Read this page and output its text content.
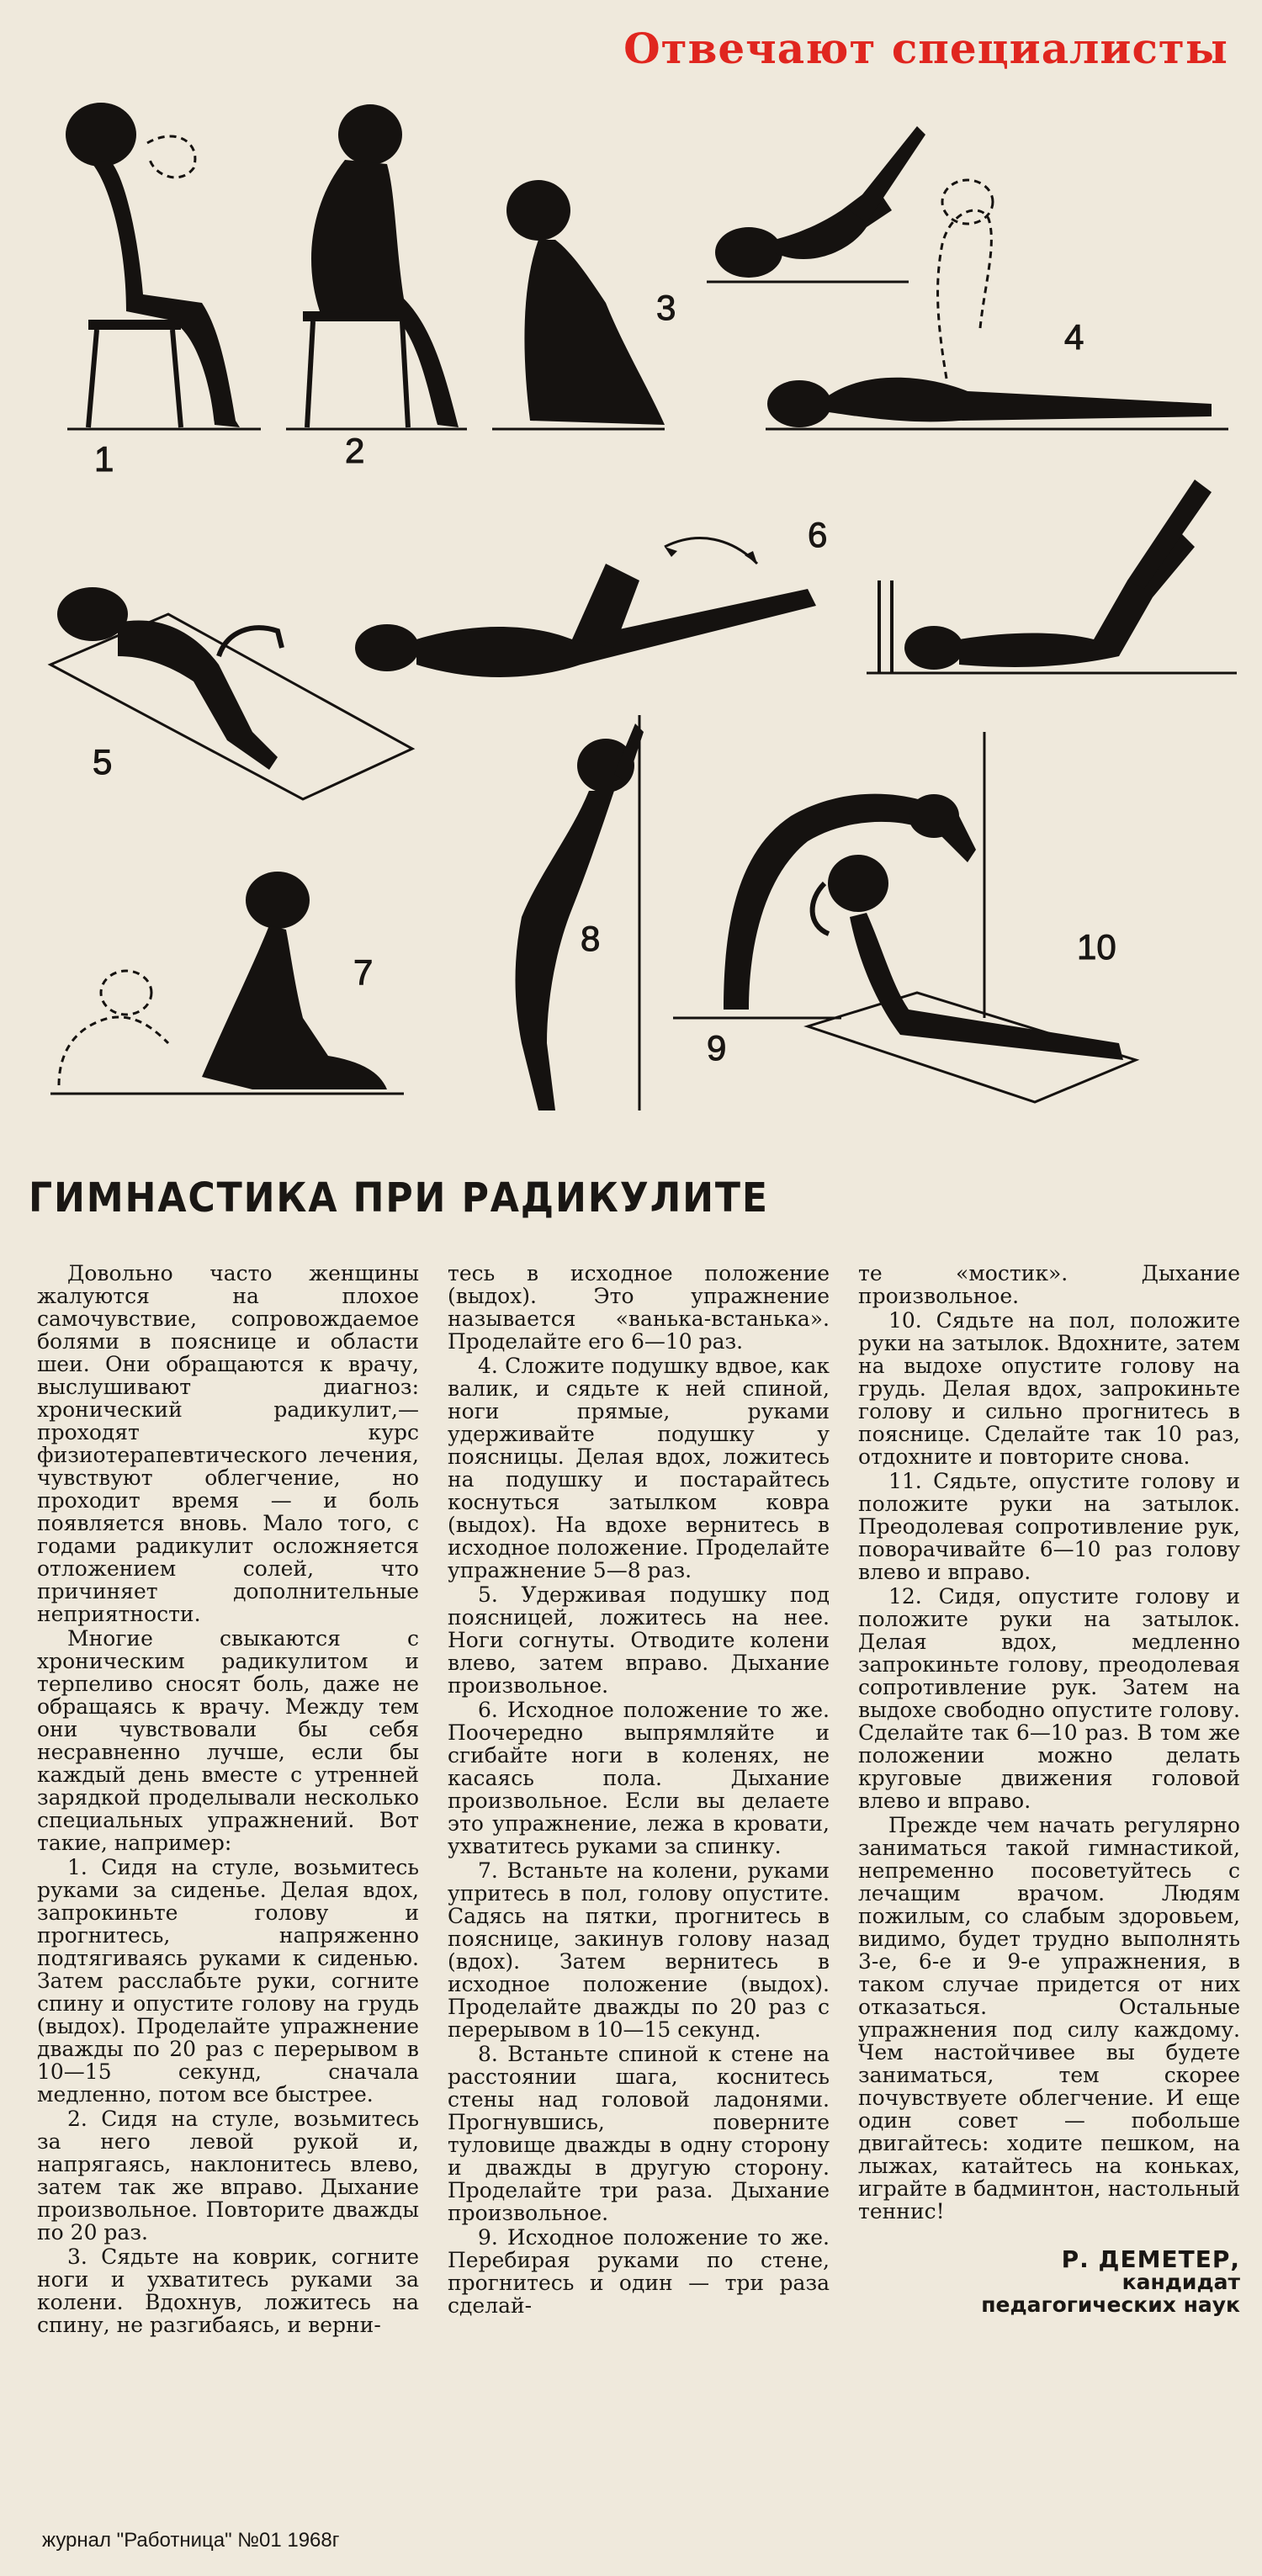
Отвечают специалисты
1	2
3
4
5
6
7
8
9
10
ГИМНАСТИКА ПРИ РАДИКУЛИТЕ

Довольно часто женщины жалуются на плохое самочувствие, сопровождаемое болями в пояснице и области шеи. Они обращаются к врачу, выслушивают диагноз: хронический радикулит,— проходят курс физиотерапевтического лечения, чувствуют облегчение, но проходит время — и боль появляется вновь. Мало того, с годами радикулит осложняется отложением солей, что причиняет дополнительные неприятности.

Многие свыкаются с хроническим радикулитом и терпеливо сносят боль, даже не обращаясь к врачу. Между тем они чувствовали бы себя несравненно лучше, если бы каждый день вместе с утренней зарядкой проделывали несколько специальных упражнений. Вот такие, например:

1. Сидя на стуле, возьмитесь руками за сиденье. Делая вдох, запрокиньте голову и прогнитесь, напряженно подтягиваясь руками к сиденью. Затем расслабьте руки, согните спину и опустите голову на грудь (выдох). Проделайте упражнение дважды по 20 раз с перерывом в 10—15 секунд, сначала медленно, потом все быстрее.

2. Сидя на стуле, возьмитесь за него левой рукой и, напрягаясь, наклонитесь влево, затем так же вправо. Дыхание произвольное. Повторите дважды по 20 раз.

3. Сядьте на коврик, согните ноги и ухватитесь руками за колени. Вдохнув, ложитесь на спину, не разгибаясь, и верни-

тесь в исходное положение (выдох). Это упражнение называется «ванька-встанька». Проделайте его 6—10 раз.

4. Сложите подушку вдвое, как валик, и сядьте к ней спиной, ноги прямые, руками удерживайте подушку у поясницы. Делая вдох, ложитесь на подушку и постарайтесь коснуться затылком ковра (выдох). На вдохе вернитесь в исходное положение. Проделайте упражнение 5—8 раз.

5. Удерживая подушку под поясницей, ложитесь на нее. Ноги согнуты. Отводите колени влево, затем вправо. Дыхание произвольное.

6. Исходное положение то же. Поочередно выпрямляйте и сгибайте ноги в коленях, не касаясь пола. Дыхание произвольное. Если вы делаете это упражнение, лежа в кровати, ухватитесь руками за спинку.

7. Встаньте на колени, руками упритесь в пол, голову опустите. Садясь на пятки, прогнитесь в пояснице, закинув голову назад (вдох). Затем вернитесь в исходное положение (выдох). Проделайте дважды по 20 раз с перерывом в 10—15 секунд.

8. Встаньте спиной к стене на расстоянии шага, коснитесь стены над головой ладонями. Прогнувшись, поверните туловище дважды в одну сторону и дважды в другую сторону. Проделайте три раза. Дыхание произвольное.

9. Исходное положение то же. Перебирая руками по стене, прогнитесь и один — три раза сделай-

те «мостик». Дыхание произвольное.

10. Сядьте на пол, положите руки на затылок. Вдохните, затем на выдохе опустите голову на грудь. Делая вдох, запрокиньте голову и сильно прогнитесь в пояснице. Сделайте так 10 раз, отдохните и повторите снова.

11. Сядьте, опустите голову и положите руки на затылок. Преодолевая сопротивление рук, поворачивайте 6—10 раз голову влево и вправо.

12. Сидя, опустите голову и положите руки на затылок. Делая вдох, медленно запрокиньте голову, преодолевая сопротивление рук. Затем на выдохе свободно опустите голову. Сделайте так 6—10 раз. В том же положении можно делать круговые движения головой влево и вправо.

Прежде чем начать регулярно заниматься такой гимнастикой, непременно посоветуйтесь с лечащим врачом. Людям пожилым, со слабым здоровьем, видимо, будет трудно выполнять 3-е, 6-е и 9-е упражнения, в таком случае придется от них отказаться. Остальные упражнения под силу каждому. Чем настойчивее вы будете заниматься, тем скорее почувствуете облегчение. И еще один совет — побольше двигайтесь: ходите пешком, на лыжах, катайтесь на коньках, играйте в бадминтон, настольный теннис!

Р. ДЕМЕТЕР,
кандидат
педагогических наук
журнал "Работница" №01 1968г
